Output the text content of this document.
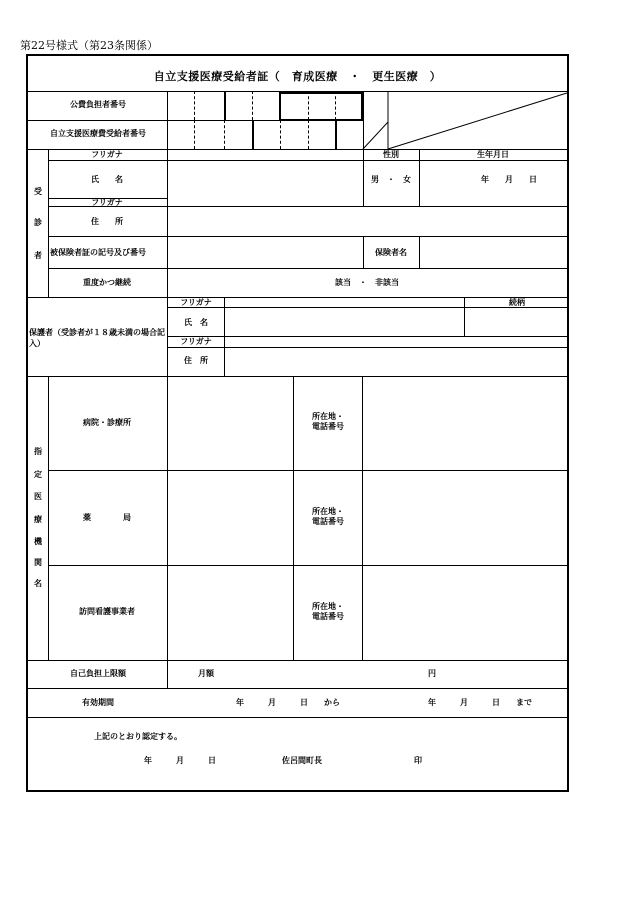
第22号様式（第23条関係）
自立支援医療受給者証（　育成医療　・　更生医療　）
公費負担者番号
自立支援医療費受給者番号
受
診
者
フリガナ	性別	生年月日
氏　　名	男　・　女	年　　月　　日
フリガナ
住　　所
被保険者証の記号及び番号	保険者名
重度かつ継続	該当　・　非該当
保護者（受診者が１８歳未満の場合記入）
フリガナ	続柄
氏　名
フリガナ
住　所
指
定
医
療
機
関
名
病院・診療所
所在地・
電話番号
薬　　　　局
所在地・
電話番号
訪問看護事業者
所在地・
電話番号
自己負担上限額	月額	円
有効期間	年　　　月　　　日　　から	年　　　月　　　日　　まで
上記のとおり認定する。
年　　　月　　　日	佐呂間町長	印
